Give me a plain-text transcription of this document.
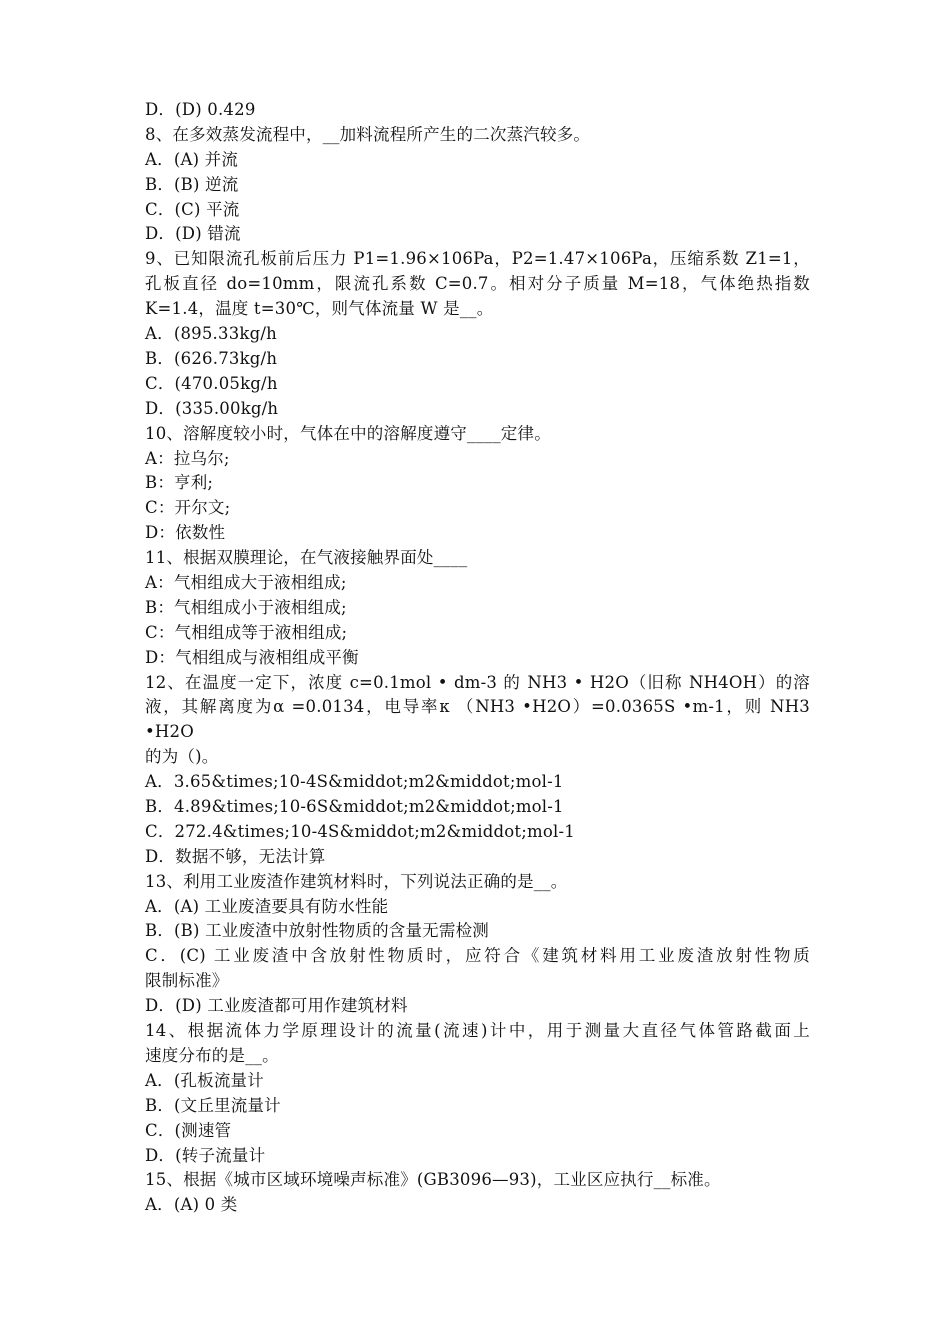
D．(D) 0.429
8、在多效蒸发流程中，__加料流程所产生的二次蒸汽较多。
A．(A) 并流
B．(B) 逆流
C．(C) 平流
D．(D) 错流
9、已知限流孔板前后压力 P1=1.96×106Pa，P2=1.47×106Pa，压缩系数 Z1=1，
孔板直径 do=10mm，限流孔系数 C=0.7。相对分子质量 M=18，气体绝热指数
K=1.4，温度 t=30℃，则气体流量 W 是__。
A．(895.33kg/h
B．(626.73kg/h
C．(470.05kg/h
D．(335.00kg/h
10、溶解度较小时，气体在中的溶解度遵守____定律。
A：拉乌尔;
B：亨利;
C：开尔文;
D：依数性
11、根据双膜理论，在气液接触界面处____
A：气相组成大于液相组成;
B：气相组成小于液相组成;
C：气相组成等于液相组成;
D：气相组成与液相组成平衡
12、在温度一定下，浓度 c=0.1mol • dm-3 的 NH3 • H2O（旧称 NH4OH）的溶
液，其解离度为α =0.0134，电导率κ （NH3 •H2O）=0.0365S •m-1，则 NH3 •H2O
的为（)。
A．3.65&times;10-4S&middot;m2&middot;mol-1
B．4.89&times;10-6S&middot;m2&middot;mol-1
C．272.4&times;10-4S&middot;m2&middot;mol-1
D．数据不够，无法计算
13、利用工业废渣作建筑材料时，下列说法正确的是__。
A．(A) 工业废渣要具有防水性能
B．(B) 工业废渣中放射性物质的含量无需检测
C．(C) 工业废渣中含放射性物质时，应符合《建筑材料用工业废渣放射性物质
限制标准》
D．(D) 工业废渣都可用作建筑材料
14、根据流体力学原理设计的流量(流速)计中，用于测量大直径气体管路截面上
速度分布的是__。
A．(孔板流量计
B．(文丘里流量计
C．(测速管
D．(转子流量计
15、根据《城市区域环境噪声标准》(GB3096—93)，工业区应执行__标准。
A．(A) 0 类
